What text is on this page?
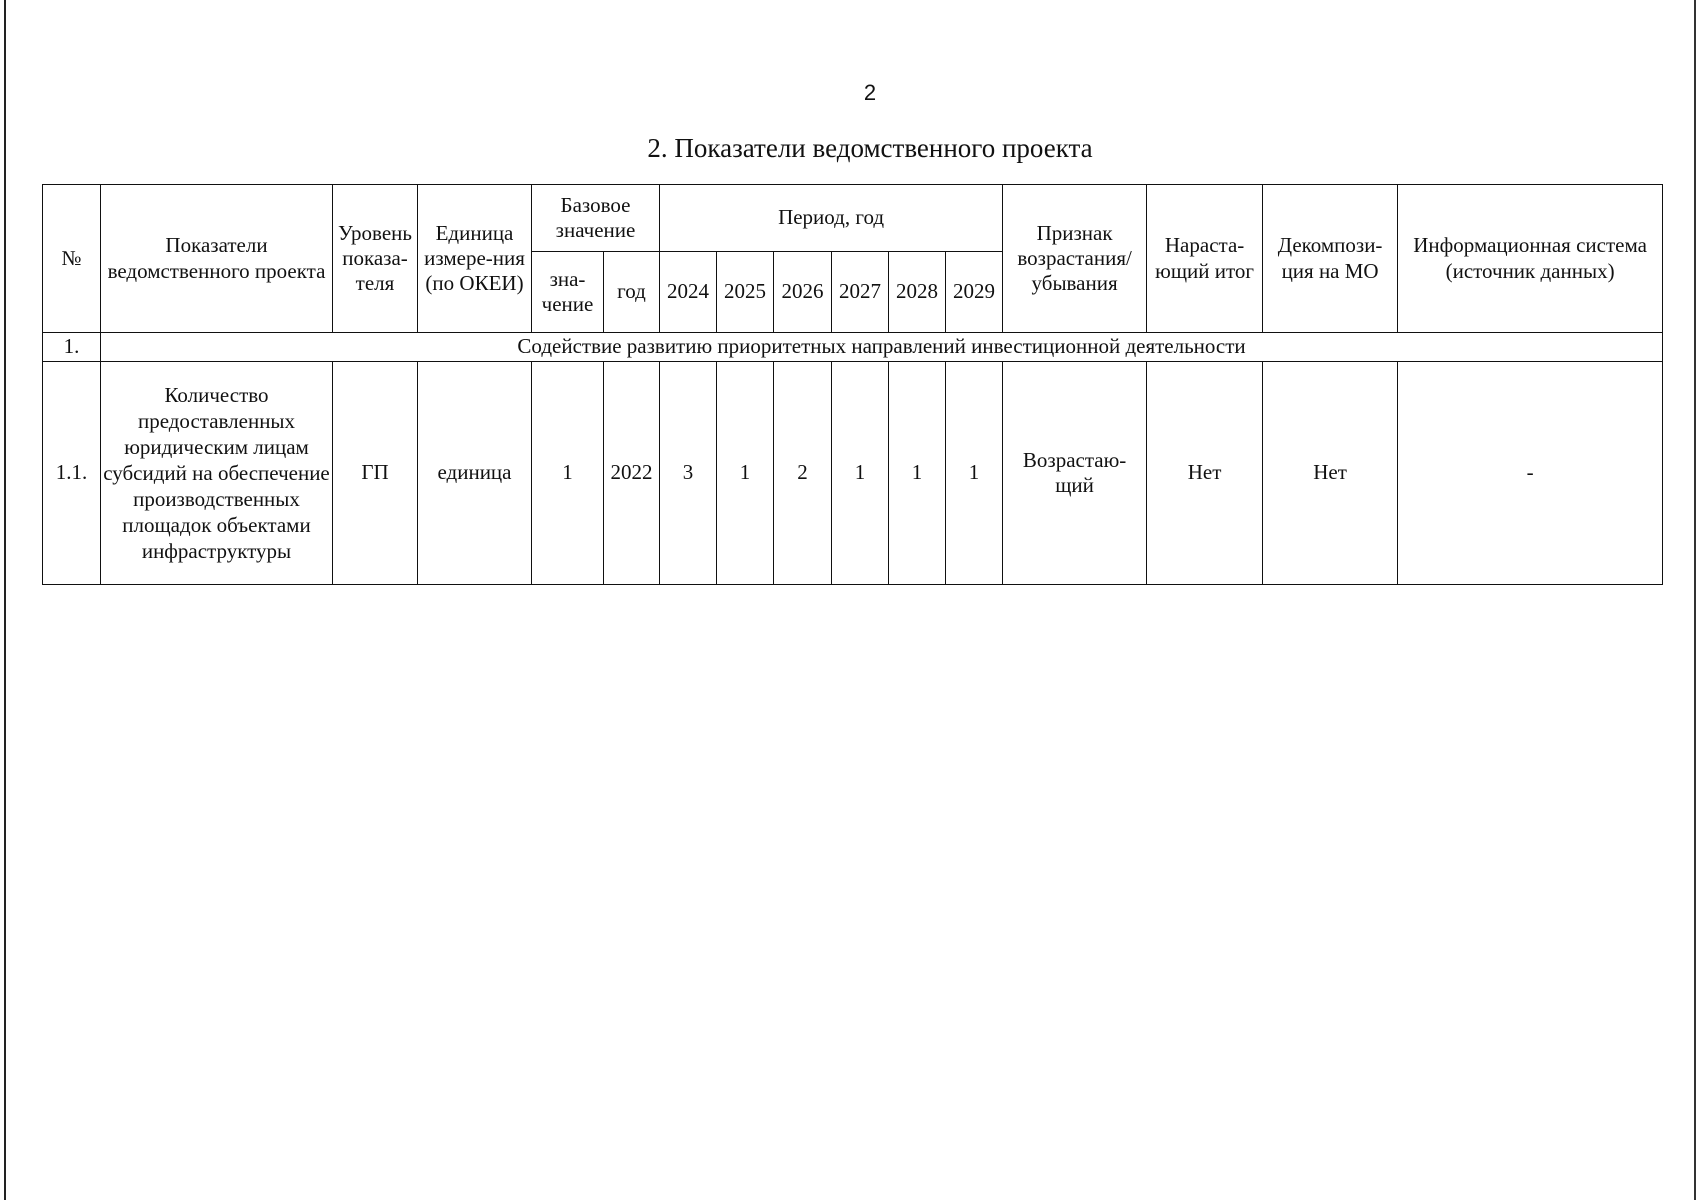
2
2. Показатели ведомственного проекта
№	Показатели ведомственного проекта	Уровень показа-теля	Единица измере-ния (по ОКЕИ)	Базовое значение		Период, год						Признак возрастания/ убывания	Нараста-ющий итог	Декомпози-ция на МО	Информационная система (источник данных)
				зна-чение	год	2024	2025	2026	2027	2028	2029				
1.	Содействие развитию приоритетных направлений инвестиционной деятельности														
1.1.	Количество предоставленных юридическим лицам субсидий на обеспечение производственных площадок объектами инфраструктуры	ГП	единица	1	2022	3	1	2	1	1	1	Возрастаю-щий	Нет	Нет	-
